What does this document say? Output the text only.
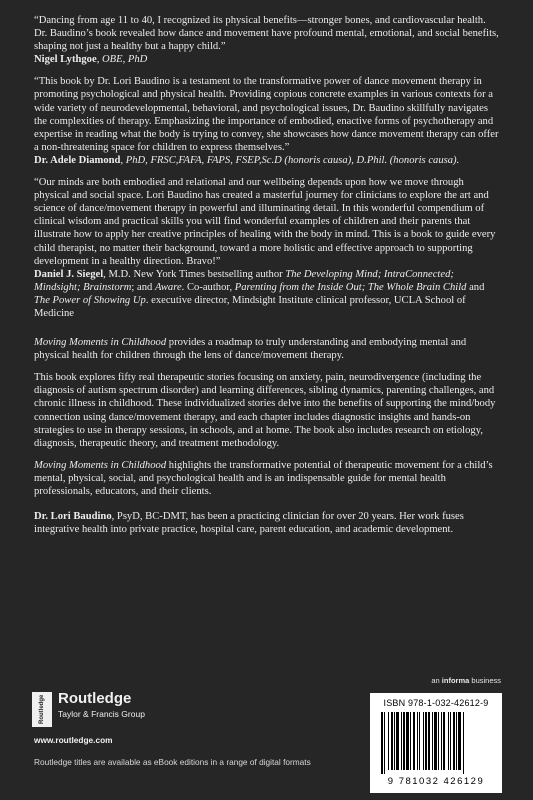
“Dancing from age 11 to 40, I recognized its physical benefits—stronger bones, and cardiovascular health. Dr. Baudino’s book revealed how dance and movement have profound mental, emotional, and social benefits, shaping not just a healthy but a happy child.”

Nigel Lythgoe, OBE, PhD

“This book by Dr. Lori Baudino is a testament to the transformative power of dance movement therapy in promoting psychological and physical health. Providing copious concrete examples in various contexts for a wide variety of neurodevelopmental, behavioral, and psychological issues, Dr. Baudino skillfully navigates the complexities of therapy. Emphasizing the importance of embodied, enactive forms of psychotherapy and expertise in reading what the body is trying to convey, she showcases how dance movement therapy can offer a non-threatening space for children to express themselves.”

Dr. Adele Diamond, PhD, FRSC,FAFA, FAPS, FSEP,Sc.D (honoris causa), D.Phil. (honoris causa).

“Our minds are both embodied and relational and our wellbeing depends upon how we move through physical and social space. Lori Baudino has created a masterful journey for clinicians to explore the art and science of dance/movement therapy in powerful and illuminating detail. In this wonderful compendium of clinical wisdom and practical skills you will find wonderful examples of children and their parents that illustrate how to apply her creative principles of healing with the body in mind. This is a book to guide every child therapist, no matter their background, toward a more holistic and effective approach to supporting development in a healthy direction. Bravo!”

Daniel J. Siegel, M.D. New York Times bestselling author The Developing Mind; IntraConnected; Mindsight; Brainstorm; and Aware. Co-author, Parenting from the Inside Out; The Whole Brain Child and The Power of Showing Up. executive director, Mindsight Institute clinical professor, UCLA School of Medicine

Moving Moments in Childhood provides a roadmap to truly understanding and embodying mental and physical health for children through the lens of dance/movement therapy.

This book explores fifty real therapeutic stories focusing on anxiety, pain, neurodivergence (including the diagnosis of autism spectrum disorder) and learning differences, sibling dynamics, parenting challenges, and chronic illness in childhood. These individualized stories delve into the benefits of supporting the mind/body connection using dance/movement therapy, and each chapter includes diagnostic insights and hands-on strategies to use in therapy sessions, in schools, and at home. The book also includes research on etiology, diagnosis, therapeutic theory, and treatment methodology.

Moving Moments in Childhood highlights the transformative potential of therapeutic movement for a child’s mental, physical, social, and psychological health and is an indispensable guide for mental health professionals, educators, and their clients.

Dr. Lori Baudino, PsyD, BC-DMT, has been a practicing clinician for over 20 years. Her work fuses integrative health into private practice, hospital care, parent education, and academic development.

an informa business
Routledge Routledge
Taylor & Francis Group
www.routledge.com
Routledge titles are available as eBook editions in a range of digital formats
ISBN 978-1-032-42612-9
9 781032 426129
